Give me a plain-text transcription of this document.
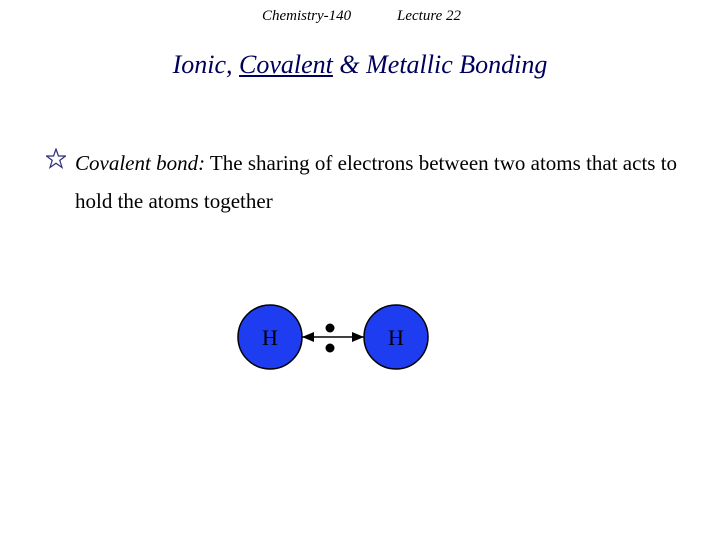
Chemistry-140	Lecture 22
Ionic, Covalent & Metallic Bonding
Covalent bond: The sharing of electrons between two atoms that acts to hold the atoms together
H	H
